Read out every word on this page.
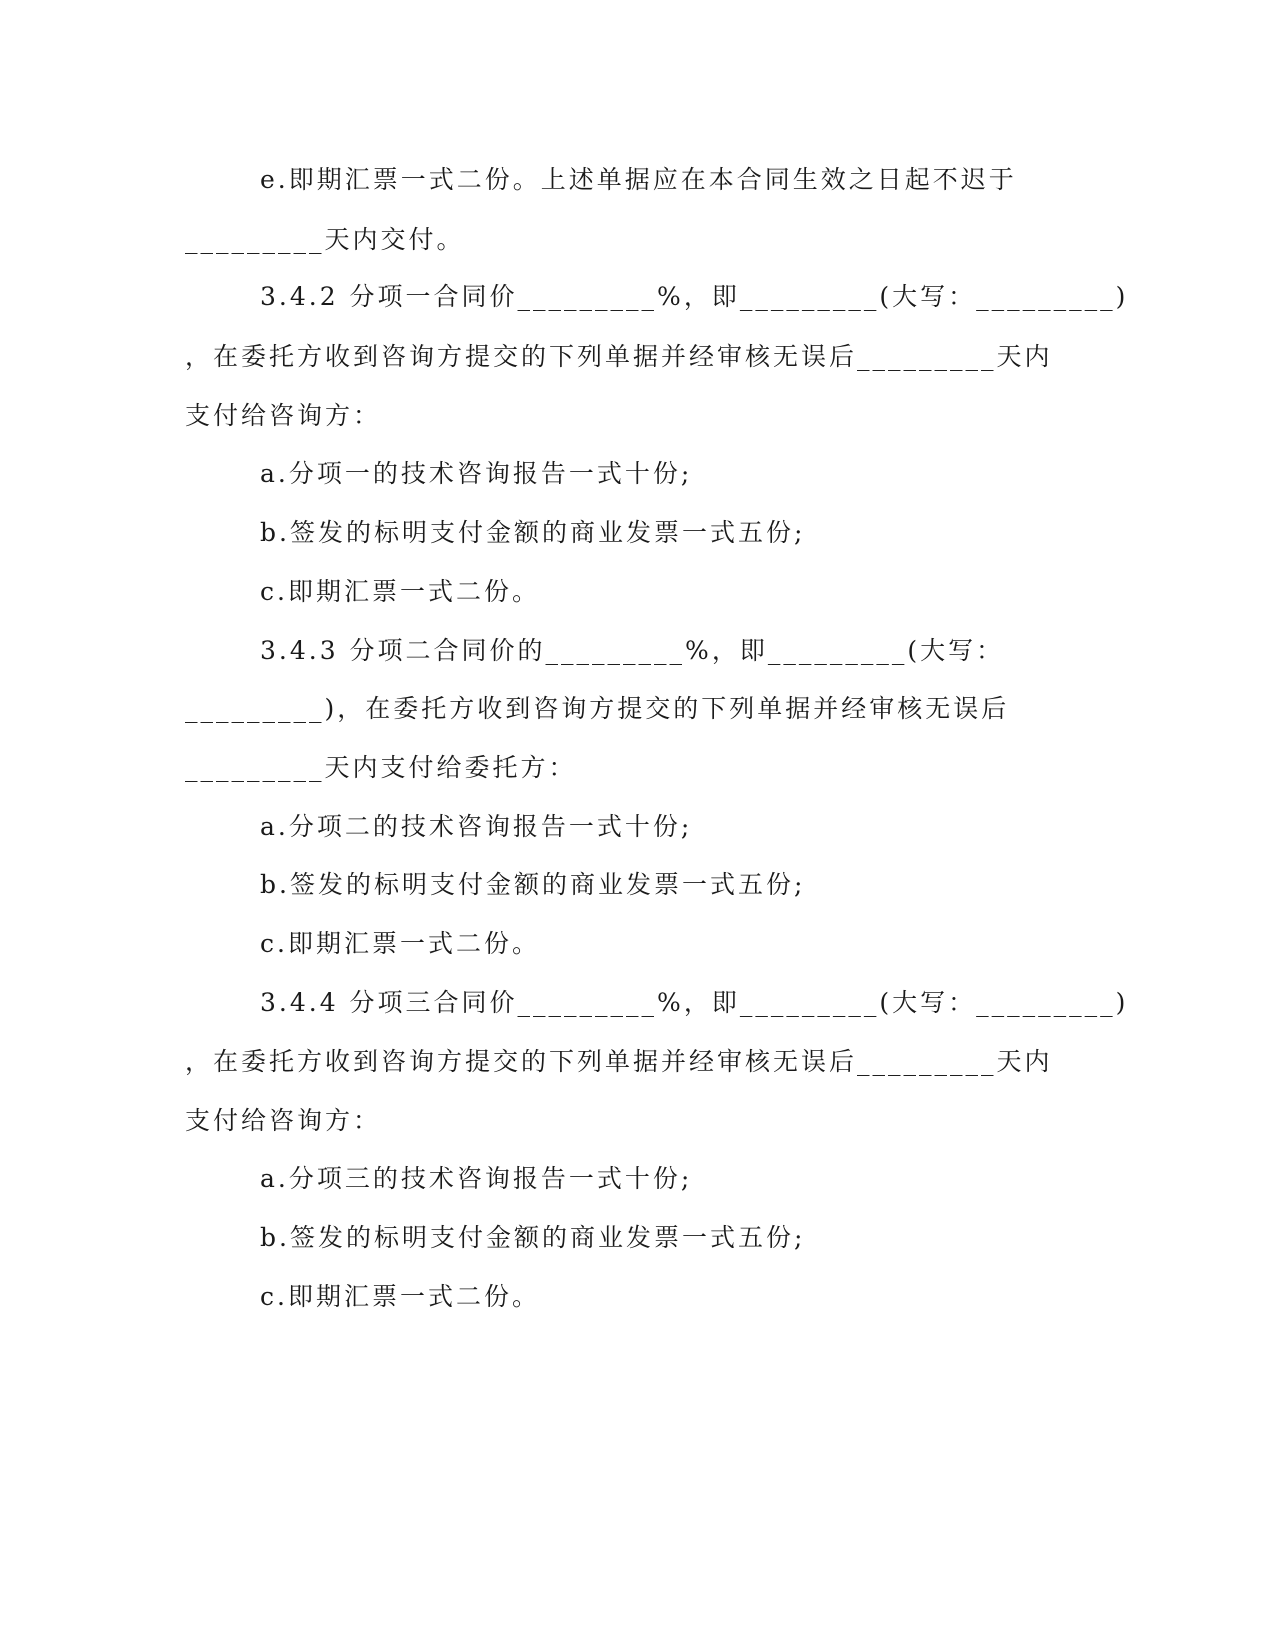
e.即期汇票一式二份。上述单据应在本合同生效之日起不迟于
_________天内交付。
3.4.2 分项一合同价_________%，即_________(大写：_________)
，在委托方收到咨询方提交的下列单据并经审核无误后_________天内
支付给咨询方：
a.分项一的技术咨询报告一式十份;
b.签发的标明支付金额的商业发票一式五份;
c.即期汇票一式二份。
3.4.3 分项二合同价的_________%，即_________(大写：
_________)，在委托方收到咨询方提交的下列单据并经审核无误后
_________天内支付给委托方：
a.分项二的技术咨询报告一式十份;
b.签发的标明支付金额的商业发票一式五份;
c.即期汇票一式二份。
3.4.4 分项三合同价_________%，即_________(大写：_________)
，在委托方收到咨询方提交的下列单据并经审核无误后_________天内
支付给咨询方：
a.分项三的技术咨询报告一式十份;
b.签发的标明支付金额的商业发票一式五份;
c.即期汇票一式二份。
